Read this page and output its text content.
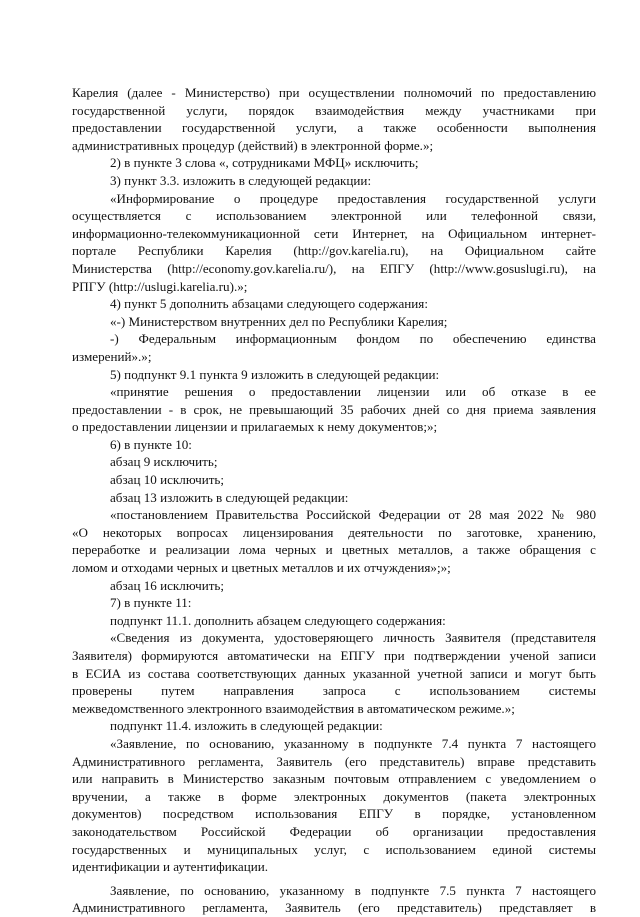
Карелия (далее - Министерство) при осуществлении полномочий по предоставлению
государственной услуги, порядок взаимодействия между участниками при
предоставлении государственной услуги, а также особенности выполнения
административных процедур (действий) в электронной форме.»;
2) в пункте 3 слова «, сотрудниками МФЦ» исключить;
3) пункт 3.3. изложить в следующей редакции:
«Информирование о процедуре предоставления государственной услуги
осуществляется с использованием электронной или телефонной связи,
информационно-телекоммуникационной сети Интернет, на Официальном интернет-
портале Республики Карелия (http://gov.karelia.ru), на Официальном сайте
Министерства (http://economy.gov.karelia.ru/), на ЕПГУ (http://www.gosuslugi.ru), на
РПГУ (http://uslugi.karelia.ru).»;
4) пункт 5 дополнить абзацами следующего содержания:
«-) Министерством внутренних дел по Республики Карелия;
-) Федеральным информационным фондом по обеспечению единства
измерений».»;
5) подпункт 9.1 пункта 9 изложить в следующей редакции:
«принятие решения о предоставлении лицензии или об отказе в ее
предоставлении - в срок, не превышающий 35 рабочих дней со дня приема заявления
о предоставлении лицензии и прилагаемых к нему документов;»;
6) в пункте 10:
абзац 9 исключить;
абзац 10 исключить;
абзац 13 изложить в следующей редакции:
«постановлением Правительства Российской Федерации от 28 мая 2022 № 980
«О некоторых вопросах лицензирования деятельности по заготовке, хранению,
переработке и реализации лома черных и цветных металлов, а также обращения с
ломом и отходами черных и цветных металлов и их отчуждения»;»;
абзац 16 исключить;
7) в пункте 11:
подпункт 11.1. дополнить абзацем следующего содержания:
«Сведения из документа, удостоверяющего личность Заявителя (представителя
Заявителя) формируются автоматически на ЕПГУ при подтверждении ученой записи
в ЕСИА из состава соответствующих данных указанной учетной записи и могут быть
проверены путем направления запроса с использованием системы
межведомственного электронного взаимодействия в автоматическом режиме.»;
подпункт 11.4. изложить в следующей редакции:
«Заявление, по основанию, указанному в подпункте 7.4 пункта 7 настоящего
Административного регламента, Заявитель (его представитель) вправе представить
или направить в Министерство заказным почтовым отправлением с уведомлением о
вручении, а также в форме электронных документов (пакета электронных
документов) посредством использования ЕПГУ в порядке, установленном
законодательством Российской Федерации об организации предоставления
государственных и муниципальных услуг, с использованием единой системы
идентификации и аутентификации.
Заявление, по основанию, указанному в подпункте 7.5 пункта 7 настоящего
Административного регламента, Заявитель (его представитель) представляет в
